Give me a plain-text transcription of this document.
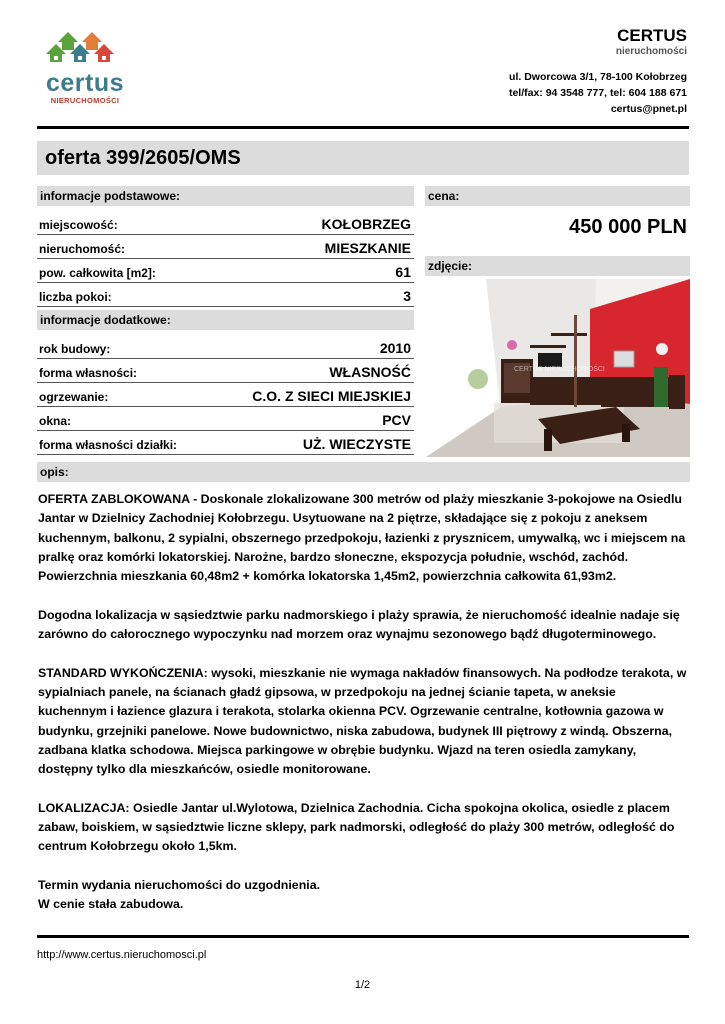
certus
NIERUCHOMOŚCI
CERTUS
nieruchomości
ul. Dworcowa 3/1, 78-100 Kołobrzeg
tel/fax: 94 3548 777, tel: 604 188 671
certus@pnet.pl
oferta 399/2605/OMS
informacje podstawowe:
miejscowość:	KOŁOBRZEG
nieruchomość:	MIESZKANIE
pow. całkowita [m2]:	61
liczba pokoi:	3
informacje dodatkowe:
rok budowy:	2010
forma własności:	WŁASNOŚĆ
ogrzewanie:	C.O. Z SIECI MIEJSKIEJ
okna:	PCV
forma własności działki:	UŻ. WIECZYSTE
cena:
450 000 PLN
zdjęcie:
CERTUS NIERUCHOMOŚCI
opis:

OFERTA ZABLOKOWANA - Doskonale zlokalizowane 300 metrów od plaży mieszkanie 3-pokojowe na Osiedlu Jantar w Dzielnicy Zachodniej Kołobrzegu. Usytuowane na 2 piętrze, składające się z pokoju z aneksem kuchennym, balkonu, 2 sypialni, obszernego przedpokoju, łazienki z prysznicem, umywalką, wc i miejscem na pralkę oraz komórki lokatorskiej. Narożne, bardzo słoneczne, ekspozycja południe, wschód, zachód. Powierzchnia mieszkania 60,48m2 + komórka lokatorska 1,45m2, powierzchnia całkowita 61,93m2.

Dogodna lokalizacja w sąsiedztwie parku nadmorskiego i plaży sprawia, że nieruchomość idealnie nadaje się zarówno do całorocznego wypoczynku nad morzem oraz wynajmu sezonowego bądź długoterminowego.

STANDARD WYKOŃCZENIA: wysoki, mieszkanie nie wymaga nakładów finansowych. Na podłodze terakota, w sypialniach panele, na ścianach gładź gipsowa, w przedpokoju na jednej ścianie tapeta, w aneksie kuchennym i łazience glazura i terakota, stolarka okienna PCV. Ogrzewanie centralne, kotłownia gazowa w budynku, grzejniki panelowe. Nowe budownictwo, niska zabudowa, budynek III piętrowy z windą. Obszerna, zadbana klatka schodowa. Miejsca parkingowe w obrębie budynku. Wjazd na teren osiedla zamykany, dostępny tylko dla mieszkańców, osiedle monitorowane.

LOKALIZACJA: Osiedle Jantar ul.Wylotowa, Dzielnica Zachodnia. Cicha spokojna okolica, osiedle z placem zabaw, boiskiem, w sąsiedztwie liczne sklepy, park nadmorski, odległość do plaży 300 metrów, odległość do centrum Kołobrzegu około 1,5km.

Termin wydania nieruchomości do uzgodnienia.
W cenie stała zabudowa.

http://www.certus.nieruchomosci.pl
1/2
